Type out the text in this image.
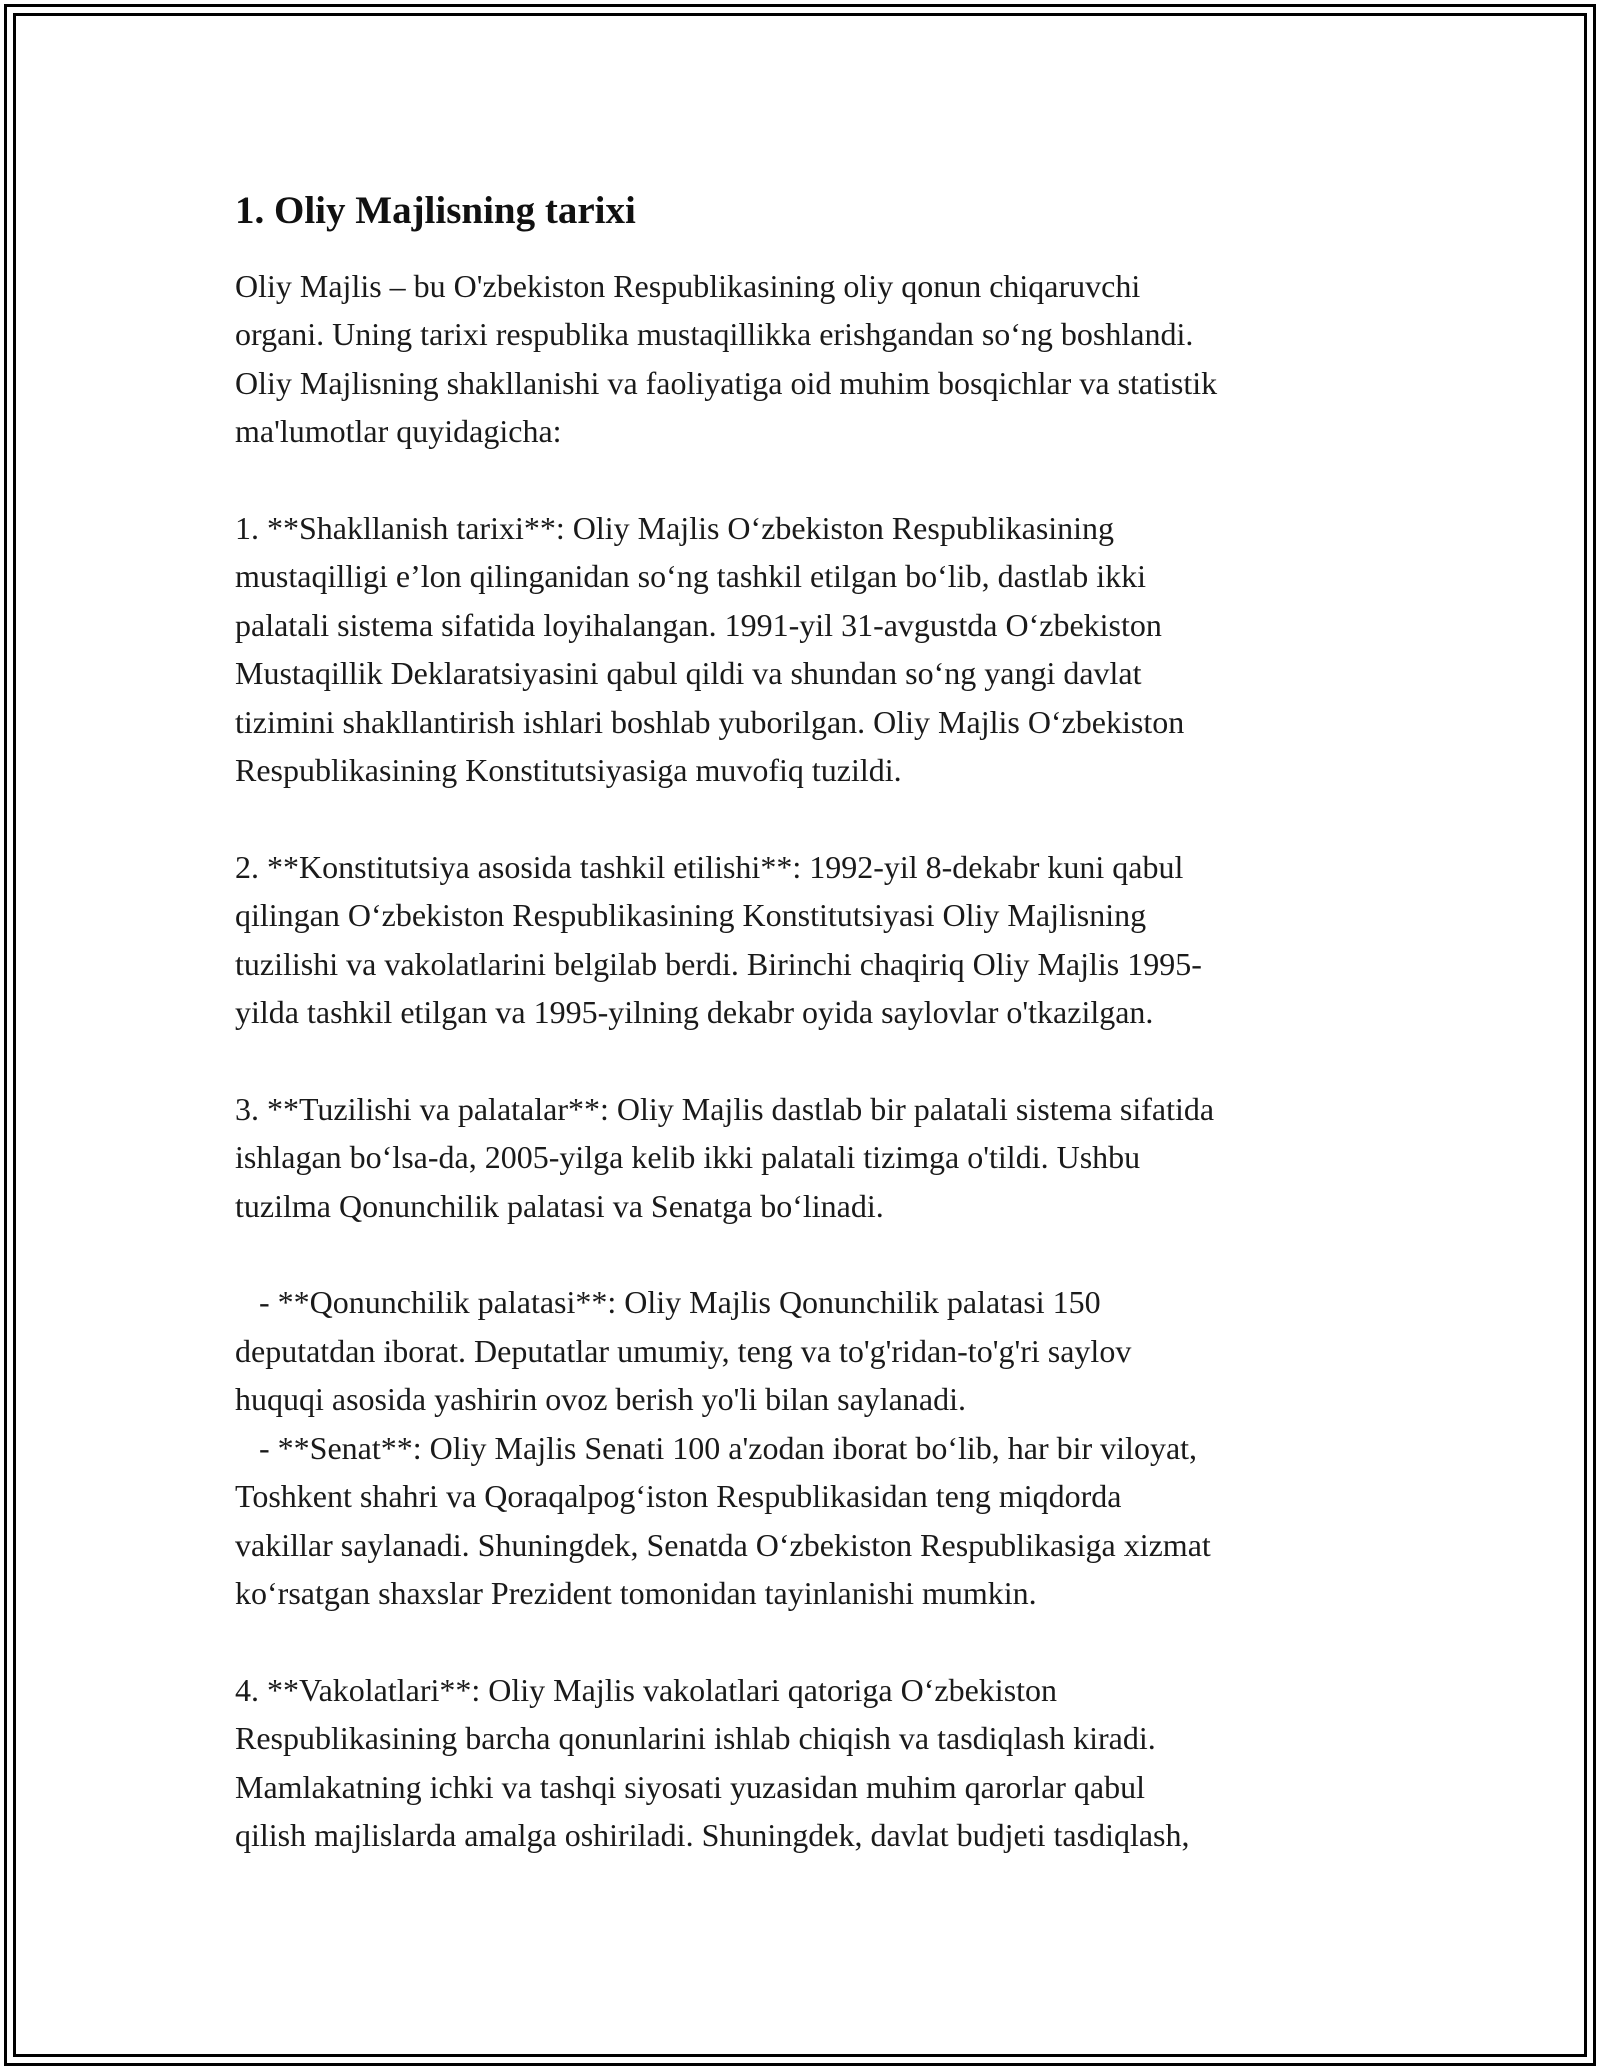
1. Oliy Majlisning tarixi

Oliy Majlis – bu O'zbekiston Respublikasining oliy qonun chiqaruvchi
organi. Uning tarixi respublika mustaqillikka erishgandan so‘ng boshlandi.
Oliy Majlisning shakllanishi va faoliyatiga oid muhim bosqichlar va statistik
ma'lumotlar quyidagicha:

1. **Shakllanish tarixi**: Oliy Majlis O‘zbekiston Respublikasining
mustaqilligi e’lon qilinganidan so‘ng tashkil etilgan bo‘lib, dastlab ikki
palatali sistema sifatida loyihalangan. 1991-yil 31-avgustda O‘zbekiston
Mustaqillik Deklaratsiyasini qabul qildi va shundan so‘ng yangi davlat
tizimini shakllantirish ishlari boshlab yuborilgan. Oliy Majlis O‘zbekiston
Respublikasining Konstitutsiyasiga muvofiq tuzildi.

2. **Konstitutsiya asosida tashkil etilishi**: 1992-yil 8-dekabr kuni qabul
qilingan O‘zbekiston Respublikasining Konstitutsiyasi Oliy Majlisning
tuzilishi va vakolatlarini belgilab berdi. Birinchi chaqiriq Oliy Majlis 1995-
yilda tashkil etilgan va 1995-yilning dekabr oyida saylovlar o'tkazilgan.

3. **Tuzilishi va palatalar**: Oliy Majlis dastlab bir palatali sistema sifatida
ishlagan bo‘lsa-da, 2005-yilga kelib ikki palatali tizimga o'tildi. Ushbu
tuzilma Qonunchilik palatasi va Senatga bo‘linadi.

- **Qonunchilik palatasi**: Oliy Majlis Qonunchilik palatasi 150
deputatdan iborat. Deputatlar umumiy, teng va to'g'ridan-to'g'ri saylov
huquqi asosida yashirin ovoz berish yo'li bilan saylanadi.

- **Senat**: Oliy Majlis Senati 100 a'zodan iborat bo‘lib, har bir viloyat,
Toshkent shahri va Qoraqalpog‘iston Respublikasidan teng miqdorda
vakillar saylanadi. Shuningdek, Senatda O‘zbekiston Respublikasiga xizmat
ko‘rsatgan shaxslar Prezident tomonidan tayinlanishi mumkin.

4. **Vakolatlari**: Oliy Majlis vakolatlari qatoriga O‘zbekiston
Respublikasining barcha qonunlarini ishlab chiqish va tasdiqlash kiradi.
Mamlakatning ichki va tashqi siyosati yuzasidan muhim qarorlar qabul
qilish majlislarda amalga oshiriladi. Shuningdek, davlat budjeti tasdiqlash,
